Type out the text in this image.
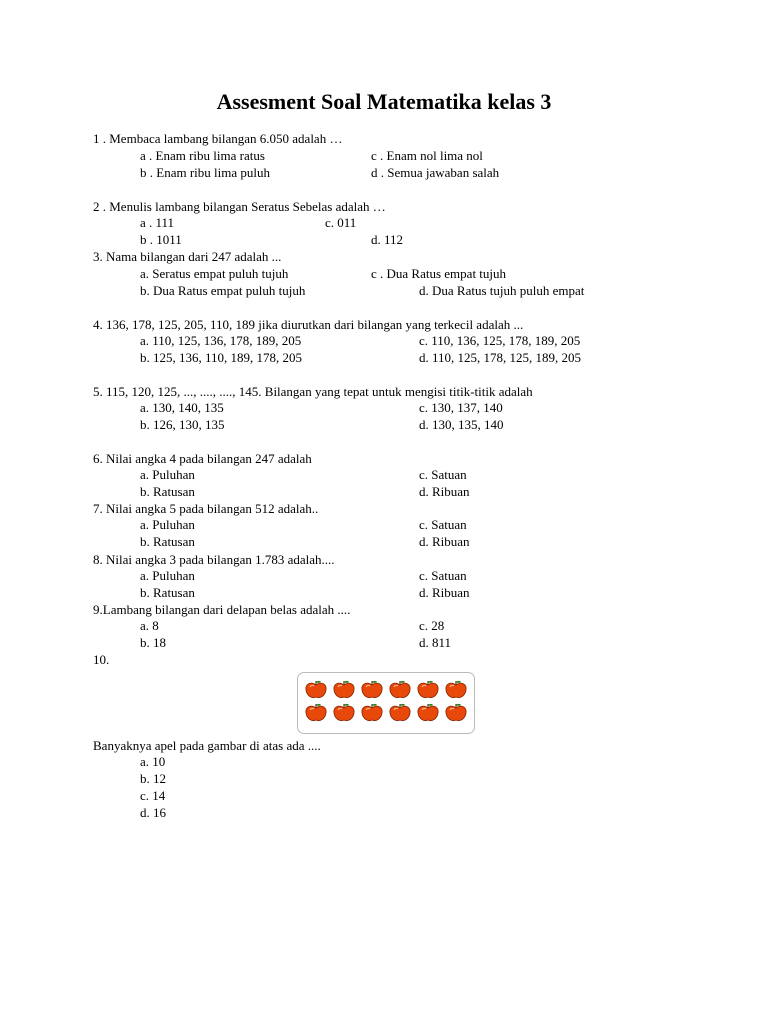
Assesment Soal Matematika kelas 3
1 . Membaca lambang bilangan 6.050 adalah …
a . Enam ribu lima ratus	c . Enam nol lima nol
b . Enam ribu lima puluh	d . Semua jawaban salah
2 . Menulis lambang bilangan Seratus Sebelas adalah …
a . 111	c. 011
b . 1011	d. 112
3. Nama bilangan dari 247 adalah ...
a. Seratus empat puluh tujuh	c . Dua Ratus empat tujuh
b. Dua Ratus empat puluh tujuh	d. Dua Ratus tujuh puluh empat
4. 136, 178, 125, 205, 110, 189 jika diurutkan dari bilangan yang terkecil adalah ...
a. 110, 125, 136, 178, 189, 205	c. 110, 136, 125, 178, 189, 205
b. 125, 136, 110, 189, 178, 205	d. 110, 125, 178, 125, 189, 205
5. 115, 120, 125, ..., ...., ...., 145. Bilangan yang tepat untuk mengisi titik-titik adalah
a. 130, 140, 135	c. 130, 137, 140
b. 126, 130, 135	d. 130, 135, 140
6. Nilai angka 4 pada bilangan 247 adalah
a. Puluhan	c. Satuan
b. Ratusan	d. Ribuan
7. Nilai angka 5 pada bilangan 512 adalah..
a. Puluhan	c. Satuan
b. Ratusan	d. Ribuan
8. Nilai angka 3 pada bilangan 1.783 adalah....
a. Puluhan	c. Satuan
b. Ratusan	d. Ribuan
9.Lambang bilangan dari delapan belas adalah ....
a. 8	c. 28
b. 18	d. 811
10.
Banyaknya apel pada gambar di atas ada ....
a. 10
b. 12
c. 14
d. 16
